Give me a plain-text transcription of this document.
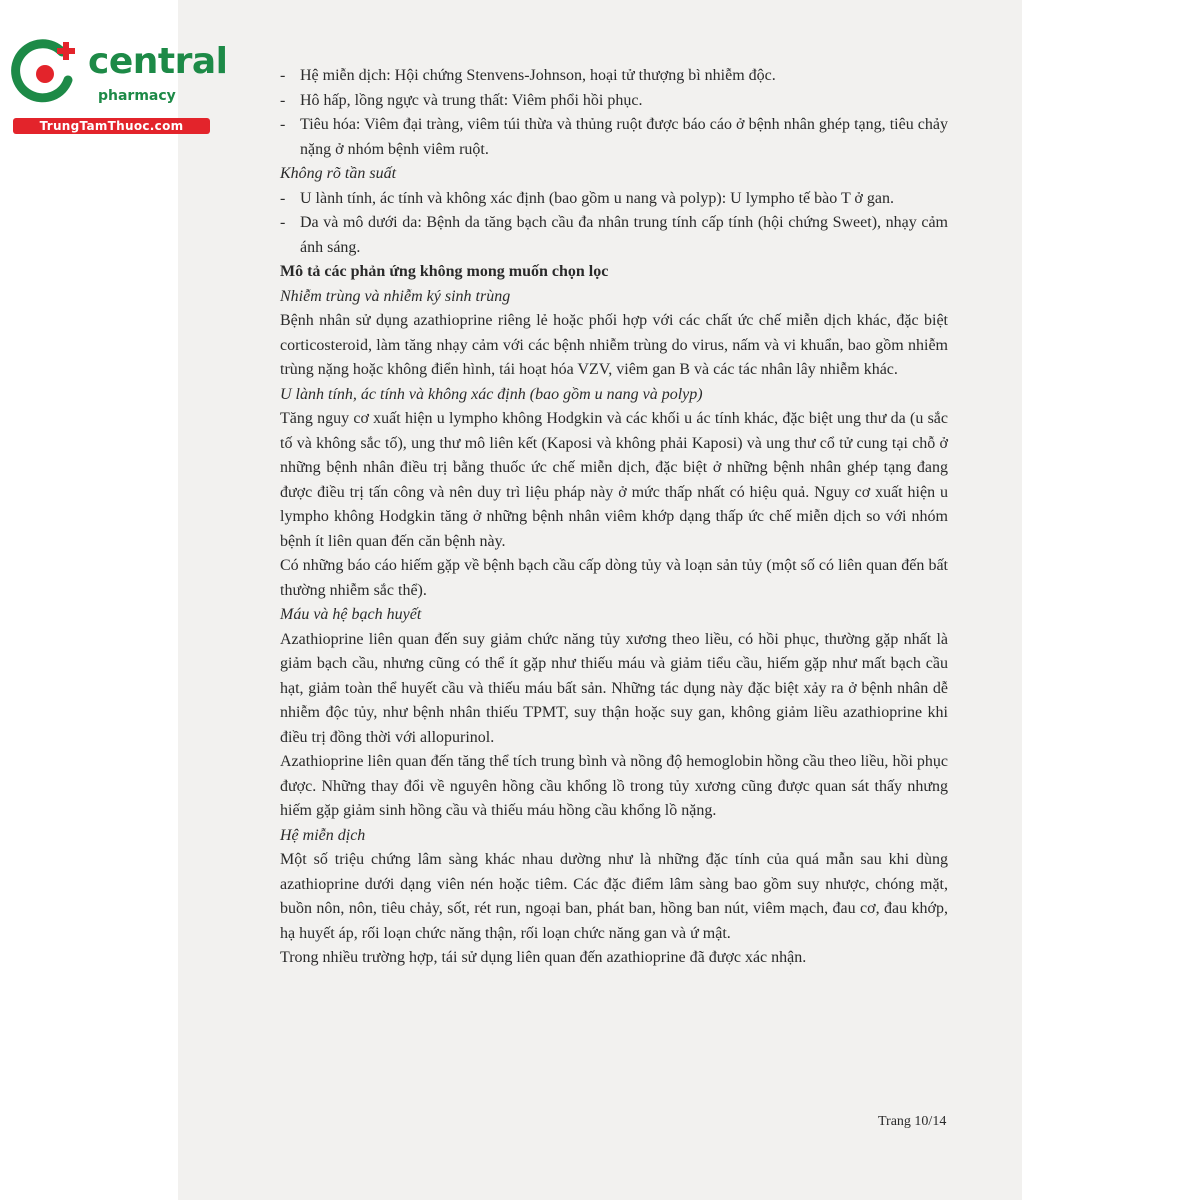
central
pharmacy
TrungTamThuoc.com
- Hệ miễn dịch: Hội chứng Stenvens-Johnson, hoại tử thượng bì nhiễm độc.
- Hô hấp, lồng ngực và trung thất: Viêm phổi hồi phục.
- Tiêu hóa: Viêm đại tràng, viêm túi thừa và thủng ruột được báo cáo ở bệnh nhân ghép tạng, tiêu chảy nặng ở nhóm bệnh viêm ruột.
Không rõ tần suất
- U lành tính, ác tính và không xác định (bao gồm u nang và polyp): U lympho tế bào T ở gan.
- Da và mô dưới da: Bệnh da tăng bạch cầu đa nhân trung tính cấp tính (hội chứng Sweet), nhạy cảm ánh sáng.
Mô tả các phản ứng không mong muốn chọn lọc
Nhiễm trùng và nhiễm ký sinh trùng

Bệnh nhân sử dụng azathioprine riêng lẻ hoặc phối hợp với các chất ức chế miễn dịch khác, đặc biệt corticosteroid, làm tăng nhạy cảm với các bệnh nhiễm trùng do virus, nấm và vi khuẩn, bao gồm nhiễm trùng nặng hoặc không điển hình, tái hoạt hóa VZV, viêm gan B và các tác nhân lây nhiễm khác.

U lành tính, ác tính và không xác định (bao gồm u nang và polyp)

Tăng nguy cơ xuất hiện u lympho không Hodgkin và các khối u ác tính khác, đặc biệt ung thư da (u sắc tố và không sắc tố), ung thư mô liên kết (Kaposi và không phải Kaposi) và ung thư cổ tử cung tại chỗ ở những bệnh nhân điều trị bằng thuốc ức chế miễn dịch, đặc biệt ở những bệnh nhân ghép tạng đang được điều trị tấn công và nên duy trì liệu pháp này ở mức thấp nhất có hiệu quả. Nguy cơ xuất hiện u lympho không Hodgkin tăng ở những bệnh nhân viêm khớp dạng thấp ức chế miễn dịch so với nhóm bệnh ít liên quan đến căn bệnh này.

Có những báo cáo hiếm gặp về bệnh bạch cầu cấp dòng tủy và loạn sản tủy (một số có liên quan đến bất thường nhiễm sắc thể).

Máu và hệ bạch huyết

Azathioprine liên quan đến suy giảm chức năng tủy xương theo liều, có hồi phục, thường gặp nhất là giảm bạch cầu, nhưng cũng có thể ít gặp như thiếu máu và giảm tiểu cầu, hiếm gặp như mất bạch cầu hạt, giảm toàn thể huyết cầu và thiếu máu bất sản. Những tác dụng này đặc biệt xảy ra ở bệnh nhân dễ nhiễm độc tủy, như bệnh nhân thiếu TPMT, suy thận hoặc suy gan, không giảm liều azathioprine khi điều trị đồng thời với allopurinol.

Azathioprine liên quan đến tăng thể tích trung bình và nồng độ hemoglobin hồng cầu theo liều, hồi phục được. Những thay đổi về nguyên hồng cầu khổng lồ trong tủy xương cũng được quan sát thấy nhưng hiếm gặp giảm sinh hồng cầu và thiếu máu hồng cầu khổng lồ nặng.

Hệ miễn dịch

Một số triệu chứng lâm sàng khác nhau dường như là những đặc tính của quá mẫn sau khi dùng azathioprine dưới dạng viên nén hoặc tiêm. Các đặc điểm lâm sàng bao gồm suy nhược, chóng mặt, buồn nôn, nôn, tiêu chảy, sốt, rét run, ngoại ban, phát ban, hồng ban nút, viêm mạch, đau cơ, đau khớp, hạ huyết áp, rối loạn chức năng thận, rối loạn chức năng gan và ứ mật.

Trong nhiều trường hợp, tái sử dụng liên quan đến azathioprine đã được xác nhận.

Trang 10/14
